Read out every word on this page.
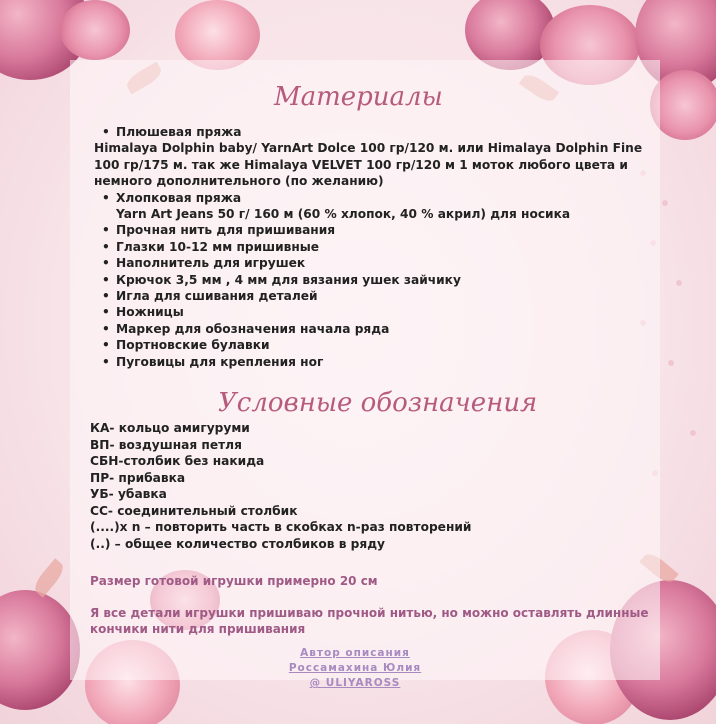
Материалы
• Плюшевая пряжа
Himalaya Dolphin baby/ YarnArt Dolce 100 гр/120 м. или Himalaya Dolphin Fine 100 гр/175 м. так же Himalaya VELVET 100 гр/120 м 1 моток любого цвета и немного дополнительного (по желанию)
• Хлопковая пряжа
Yarn Art Jeans 50 г/ 160 м (60 % хлопок, 40 % акрил) для носика
• Прочная нить для пришивания
• Глазки 10-12 мм пришивные
• Наполнитель для игрушек
• Крючок 3,5 мм , 4 мм для вязания ушек зайчику
• Игла для сшивания деталей
• Ножницы
• Маркер для обозначения начала ряда
• Портновские булавки
• Пуговицы для крепления ног
Условные обозначения
КА- кольцо амигуруми
ВП- воздушная петля
СБН-столбик без накида
ПР- прибавка
УБ- убавка
СС- соединительный столбик
(....)х n – повторить часть в скобках n-раз повторений
(..) – общее количество столбиков в ряду
Размер готовой игрушки примерно 20 см
Я все детали игрушки пришиваю прочной нитью, но можно оставлять длинные кончики нити для пришивания
Автор описания
Россамахина Юлия
@ ULIYAROSS
